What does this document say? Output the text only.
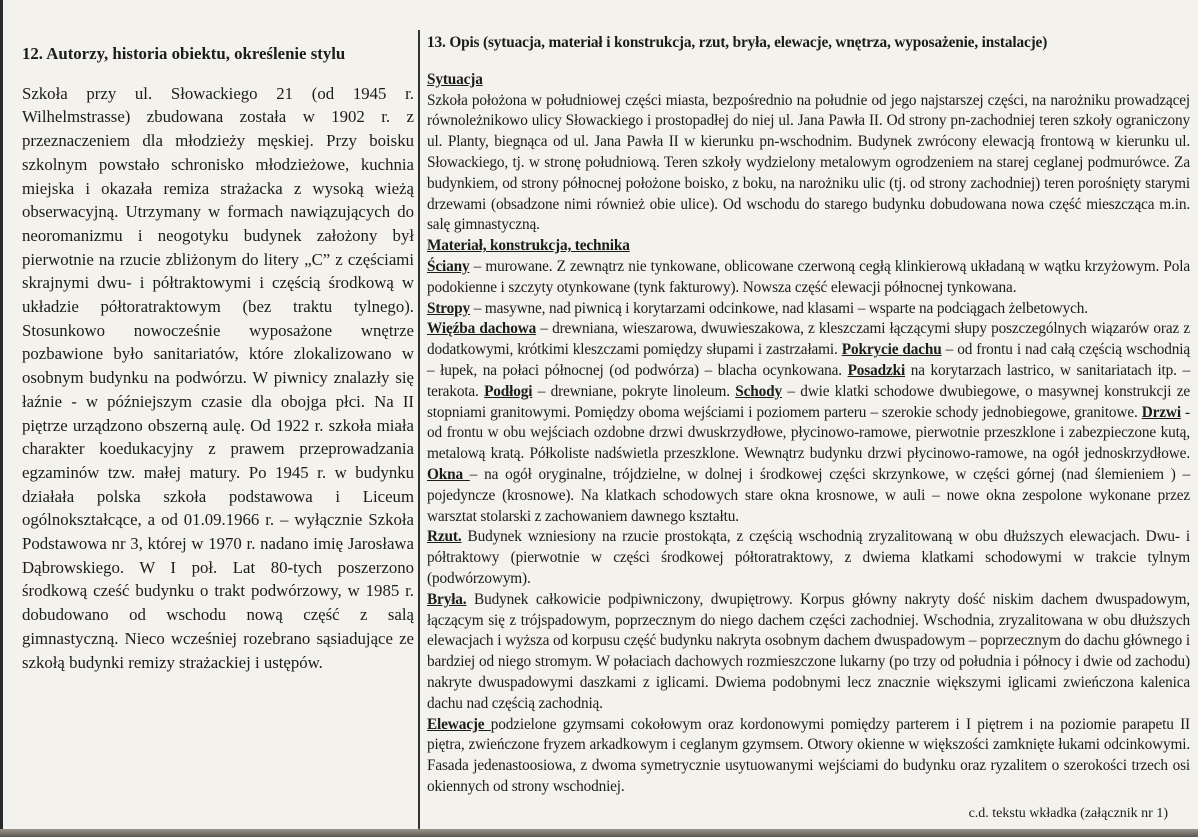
12. Autorzy, historia obiektu, określenie stylu

Szkoła przy ul. Słowackiego 21 (od 1945 r. Wilhelmstrasse) zbudowana została w 1902 r. z przeznaczeniem dla młodzieży męskiej. Przy boisku szkolnym powstało schronisko młodzieżowe, kuchnia miejska i okazała remiza strażacka z wysoką wieżą obserwacyjną. Utrzymany w formach nawiązujących do neoromanizmu i neogotyku budynek założony był pierwotnie na rzucie zbliżonym do litery „C” z częściami skrajnymi dwu- i półtraktowymi i częścią środkową w układzie półtoratraktowym (bez traktu tylnego). Stosunkowo nowocześnie wyposażone wnętrze pozbawione było sanitariatów, które zlokalizowano w osobnym budynku na podwórzu. W piwnicy znalazły się łaźnie - w późniejszym czasie dla obojga płci. Na II piętrze urządzono obszerną aulę. Od 1922 r. szkoła miała charakter koedukacyjny z prawem przeprowadzania egzaminów tzw. małej matury. Po 1945 r. w budynku działała polska szkoła podstawowa i Liceum ogólnokształcące, a od 01.09.1966 r. – wyłącznie Szkoła Podstawowa nr 3, której w 1970 r. nadano imię Jarosława Dąbrowskiego. W I poł. Lat 80-tych poszerzono środkową cześć budynku o trakt podwórzowy, w 1985 r. dobudowano od wschodu nową część z salą gimnastyczną. Nieco wcześniej rozebrano sąsiadujące ze szkołą budynki remizy strażackiej i ustępów.

13. Opis (sytuacja, materiał i konstrukcja, rzut, bryła, elewacje, wnętrza, wyposażenie, instalacje)

Sytuacja

Szkoła położona w południowej części miasta, bezpośrednio na południe od jego najstarszej części, na narożniku prowadzącej równoleżnikowo ulicy Słowackiego i prostopadłej do niej ul. Jana Pawła II. Od strony pn-zachodniej teren szkoły ograniczony ul. Planty, biegnąca od ul. Jana Pawła II w kierunku pn-wschodnim. Budynek zwrócony elewacją frontową w kierunku ul. Słowackiego, tj. w stronę południową. Teren szkoły wydzielony metalowym ogrodzeniem na starej ceglanej podmurówce. Za budynkiem, od strony północnej położone boisko, z boku, na narożniku ulic (tj. od strony zachodniej) teren porośnięty starymi drzewami (obsadzone nimi również obie ulice). Od wschodu do starego budynku dobudowana nowa część mieszcząca m.in. salę gimnastyczną.

Materiał, konstrukcja, technika

Ściany – murowane. Z zewnątrz nie tynkowane, oblicowane czerwoną cegłą klinkierową układaną w wątku krzyżowym. Pola podokienne i szczyty otynkowane (tynk fakturowy). Nowsza część elewacji północnej tynkowana.

Stropy – masywne, nad piwnicą i korytarzami odcinkowe, nad klasami – wsparte na podciągach żelbetowych.

Więźba dachowa – drewniana, wieszarowa, dwuwieszakowa, z kleszczami łączącymi słupy poszczególnych wiązarów oraz z dodatkowymi, krótkimi kleszczami pomiędzy słupami i zastrzałami. Pokrycie dachu – od frontu i nad całą częścią wschodnią – łupek, na połaci północnej (od podwórza) – blacha ocynkowana. Posadzki na korytarzach lastrico, w sanitariatach itp. – terakota. Podłogi – drewniane, pokryte linoleum. Schody – dwie klatki schodowe dwubiegowe, o masywnej konstrukcji ze stopniami granitowymi. Pomiędzy oboma wejściami i poziomem parteru – szerokie schody jednobiegowe, granitowe. Drzwi - od frontu w obu wejściach ozdobne drzwi dwuskrzydłowe, płycinowo-ramowe, pierwotnie przeszklone i zabezpieczone kutą, metalową kratą. Półkoliste nadświetla przeszklone. Wewnątrz budynku drzwi płycinowo-ramowe, na ogół jednoskrzydłowe. Okna – na ogół oryginalne, trójdzielne, w dolnej i środkowej części skrzynkowe, w części górnej (nad ślemieniem ) – pojedyncze (krosnowe). Na klatkach schodowych stare okna krosnowe, w auli – nowe okna zespolone wykonane przez warsztat stolarski z zachowaniem dawnego kształtu.

Rzut. Budynek wzniesiony na rzucie prostokąta, z częścią wschodnią zryzalitowaną w obu dłuższych elewacjach. Dwu- i półtraktowy (pierwotnie w części środkowej półtoratraktowy, z dwiema klatkami schodowymi w trakcie tylnym (podwórzowym).

Bryła. Budynek całkowicie podpiwniczony, dwupiętrowy. Korpus główny nakryty dość niskim dachem dwuspadowym, łączącym się z trójspadowym, poprzecznym do niego dachem części zachodniej. Wschodnia, zryzalitowana w obu dłuższych elewacjach i wyższa od korpusu część budynku nakryta osobnym dachem dwuspadowym – poprzecznym do dachu głównego i bardziej od niego stromym. W połaciach dachowych rozmieszczone lukarny (po trzy od południa i północy i dwie od zachodu) nakryte dwuspadowymi daszkami z iglicami. Dwiema podobnymi lecz znacznie większymi iglicami zwieńczona kalenica dachu nad częścią zachodnią.

Elewacje podzielone gzymsami cokołowym oraz kordonowymi pomiędzy parterem i I piętrem i na poziomie parapetu II piętra, zwieńczone fryzem arkadkowym i ceglanym gzymsem. Otwory okienne w większości zamknięte łukami odcinkowymi. Fasada jedenastoosiowa, z dwoma symetrycznie usytuowanymi wejściami do budynku oraz ryzalitem o szerokości trzech osi okiennych od strony wschodniej.

c.d. tekstu wkładka (załącznik nr 1)
